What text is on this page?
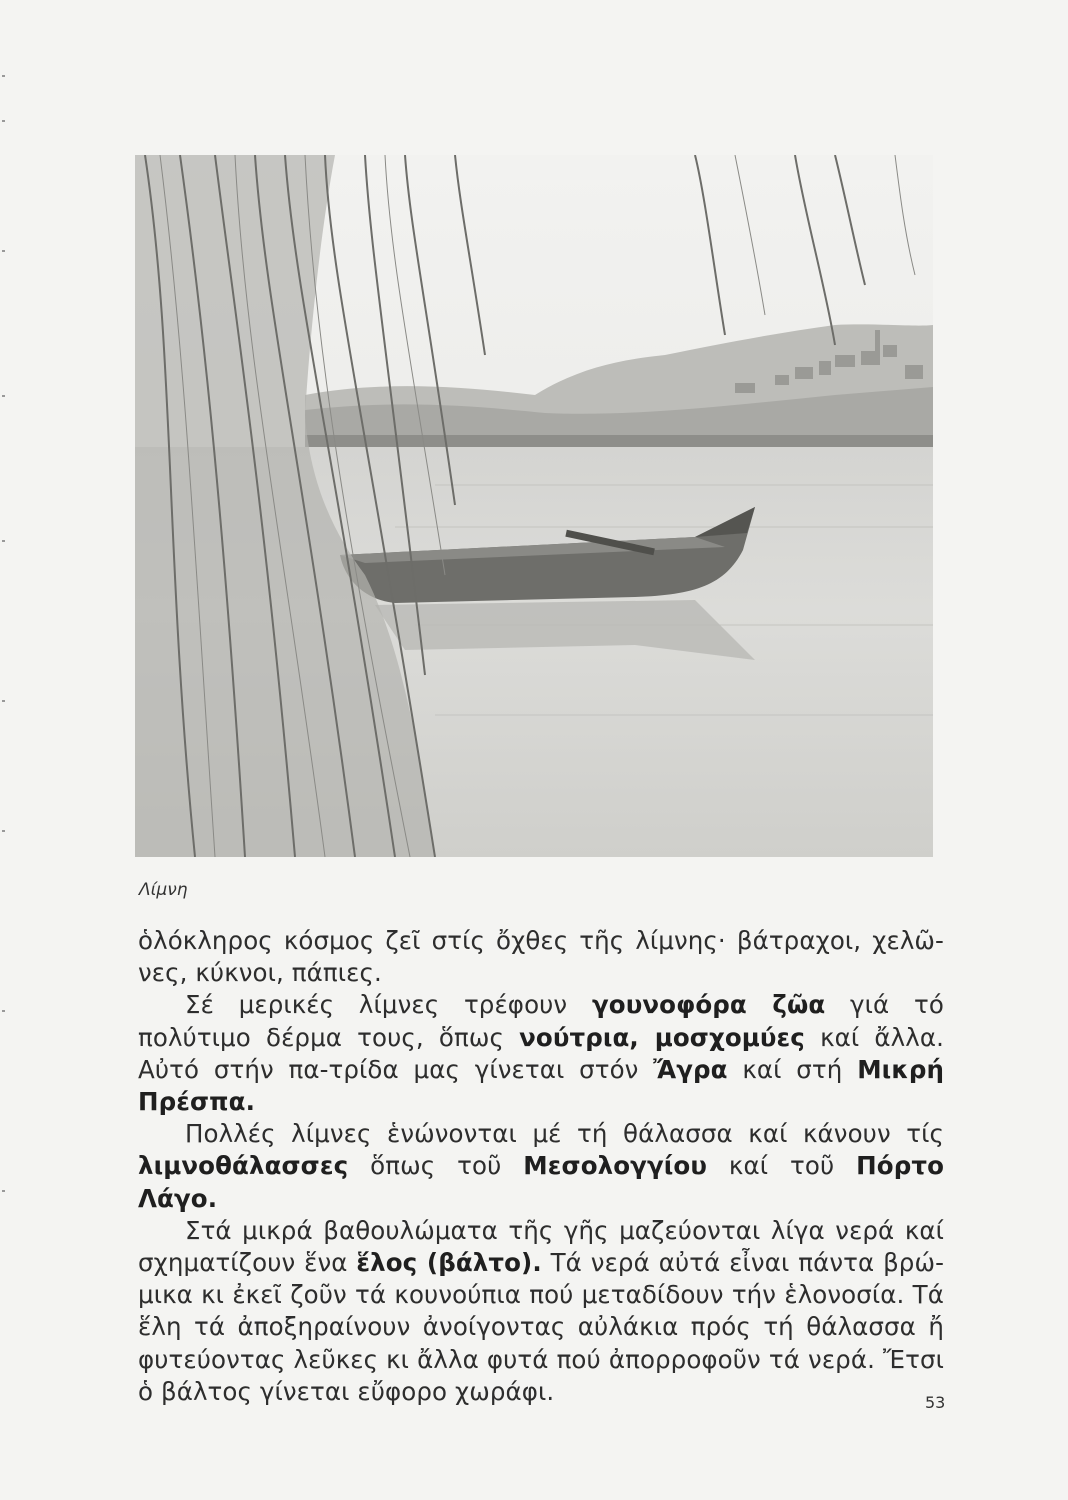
Λίμνη

ὁλόκληρος κόσμος ζεῖ στίς ὄχθες τῆς λίμνης· βάτραχοι, χελῶ-νες, κύκνοι, πάπιες.

Σέ μερικές λίμνες τρέφουν γουνοφόρα ζῶα γιά τό πολύτιμο δέρμα τους, ὅπως νούτρια, μοσχομύες καί ἄλλα. Αὐτό στήν πα-τρίδα μας γίνεται στόν Ἄγρα καί στή Μικρή Πρέσπα.

Πολλές λίμνες ἑνώνονται μέ τή θάλασσα καί κάνουν τίς λιμνοθάλασσες ὅπως τοῦ Μεσολογγίου καί τοῦ Πόρτο Λάγο.

Στά μικρά βαθουλώματα τῆς γῆς μαζεύονται λίγα νερά καί σχηματίζουν ἕνα ἕλος (βάλτο). Τά νερά αὐτά εἶναι πάντα βρώ-μικα κι ἐκεῖ ζοῦν τά κουνούπια πού μεταδίδουν τήν ἑλονοσία. Τά ἕλη τά ἀποξηραίνουν ἀνοίγοντας αὐλάκια πρός τή θάλασσα ἤ φυτεύοντας λεῦκες κι ἄλλα φυτά πού ἀπορροφοῦν τά νερά. Ἔτσι ὁ βάλτος γίνεται εὔφορο χωράφι.	53
